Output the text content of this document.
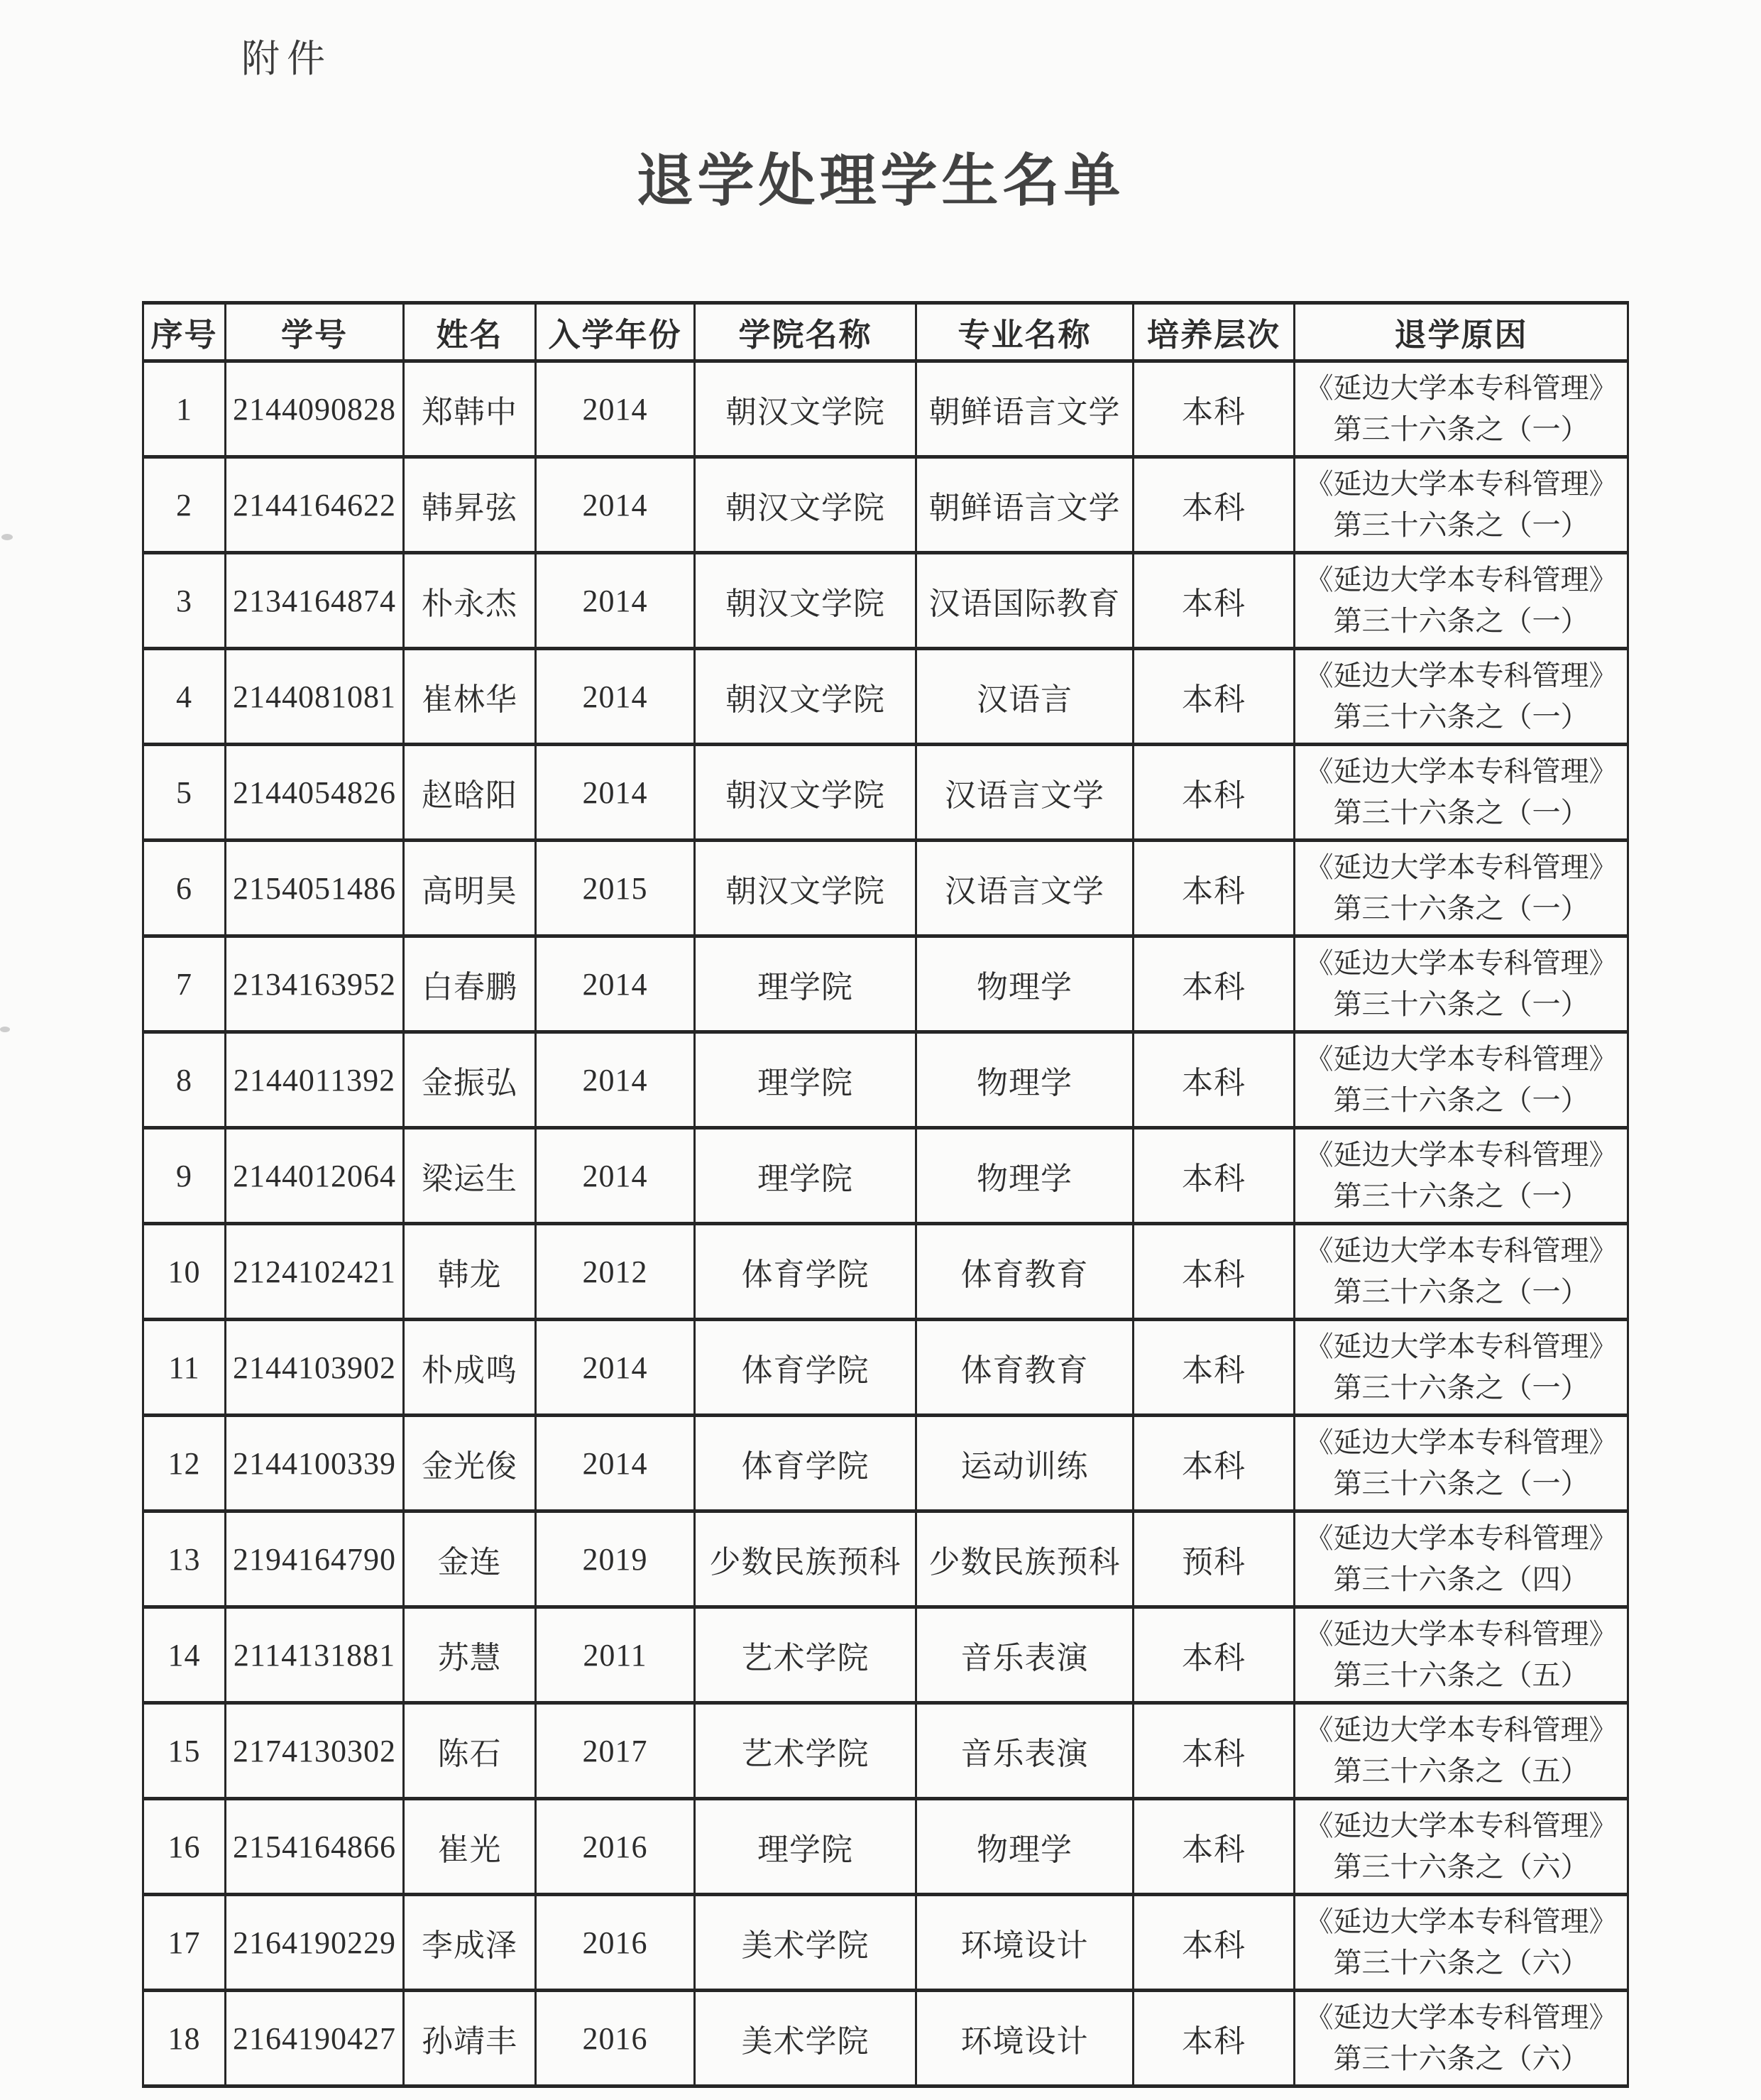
附件
退学处理学生名单
序号	学号	姓名	入学年份	学院名称	专业名称	培养层次	退学原因
1	2144090828	郑韩中	2014	朝汉文学院	朝鲜语言文学	本科	《延边大学本专科管理》
第三十六条之（一）

2	2144164622	韩昇弦	2014	朝汉文学院	朝鲜语言文学	本科	《延边大学本专科管理》
第三十六条之（一）

3	2134164874	朴永杰	2014	朝汉文学院	汉语国际教育	本科	《延边大学本专科管理》
第三十六条之（一）

4	2144081081	崔林华	2014	朝汉文学院	汉语言	本科	《延边大学本专科管理》
第三十六条之（一）

5	2144054826	赵晗阳	2014	朝汉文学院	汉语言文学	本科	《延边大学本专科管理》
第三十六条之（一）

6	2154051486	高明昊	2015	朝汉文学院	汉语言文学	本科	《延边大学本专科管理》
第三十六条之（一）

7	2134163952	白春鹏	2014	理学院	物理学	本科	《延边大学本专科管理》
第三十六条之（一）

8	2144011392	金振弘	2014	理学院	物理学	本科	《延边大学本专科管理》
第三十六条之（一）

9	2144012064	梁运生	2014	理学院	物理学	本科	《延边大学本专科管理》
第三十六条之（一）

10	2124102421	韩龙	2012	体育学院	体育教育	本科	《延边大学本专科管理》
第三十六条之（一）

11	2144103902	朴成鸣	2014	体育学院	体育教育	本科	《延边大学本专科管理》
第三十六条之（一）

12	2144100339	金光俊	2014	体育学院	运动训练	本科	《延边大学本专科管理》
第三十六条之（一）

13	2194164790	金连	2019	少数民族预科	少数民族预科	预科	《延边大学本专科管理》
第三十六条之（四）

14	2114131881	苏慧	2011	艺术学院	音乐表演	本科	《延边大学本专科管理》
第三十六条之（五）

15	2174130302	陈石	2017	艺术学院	音乐表演	本科	《延边大学本专科管理》
第三十六条之（五）

16	2154164866	崔光	2016	理学院	物理学	本科	《延边大学本专科管理》
第三十六条之（六）

17	2164190229	李成泽	2016	美术学院	环境设计	本科	《延边大学本专科管理》
第三十六条之（六）

18	2164190427	孙靖丰	2016	美术学院	环境设计	本科	《延边大学本专科管理》
第三十六条之（六）
